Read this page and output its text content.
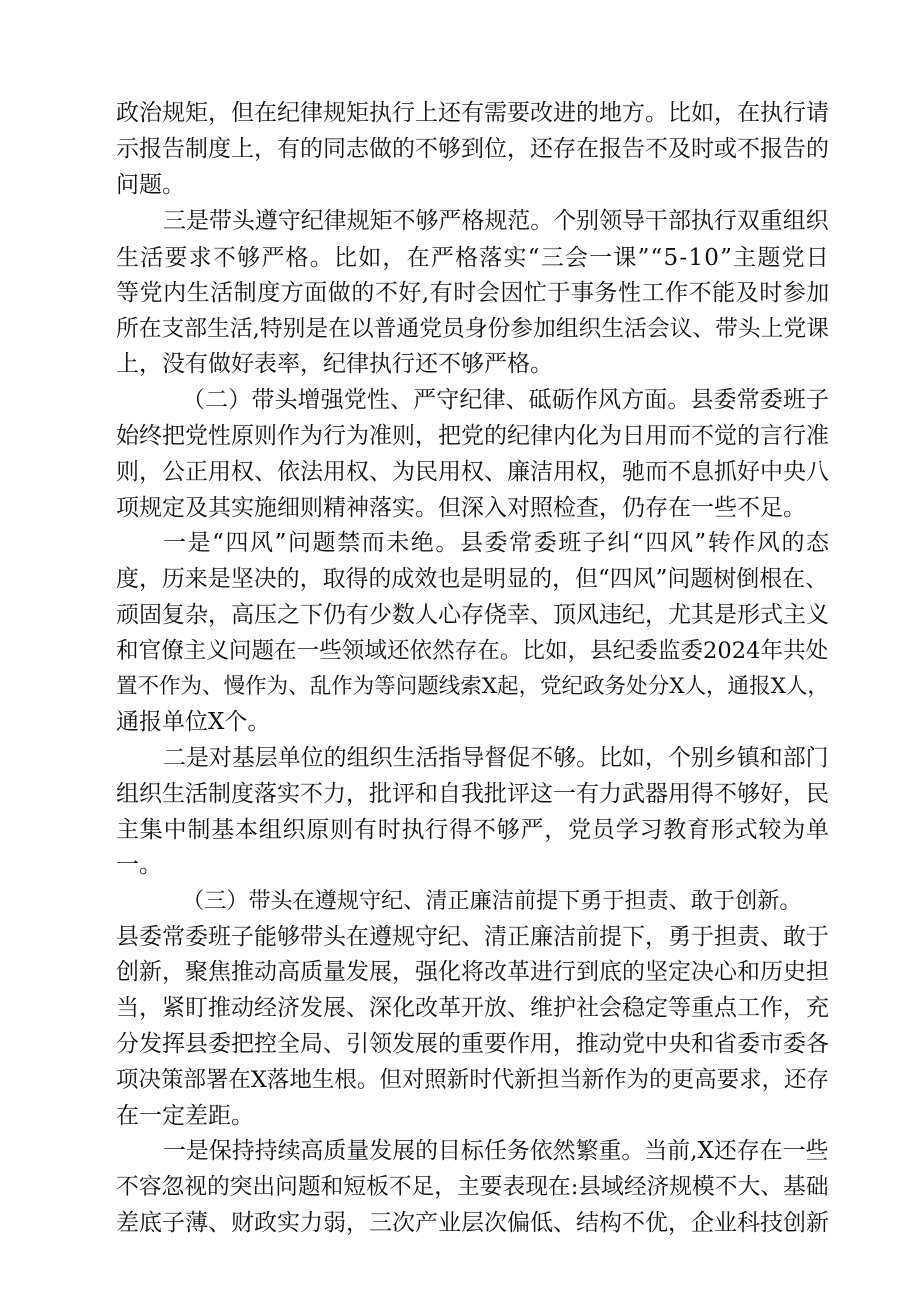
政治规矩，但在纪律规矩执行上还有需要改进的地方。比如，在执行请
示报告制度上，有的同志做的不够到位，还存在报告不及时或不报告的
问题。
三是带头遵守纪律规矩不够严格规范。个别领导干部执行双重组织
生活要求不够严格。比如，在严格落实“三会一课”“5-10”主题党日
等党内生活制度方面做的不好,有时会因忙于事务性工作不能及时参加
所在支部生活,特别是在以普通党员身份参加组织生活会议、带头上党课
上，没有做好表率，纪律执行还不够严格。
（二）带头增强党性、严守纪律、砥砺作风方面。县委常委班子
始终把党性原则作为行为准则，把党的纪律内化为日用而不觉的言行准
则，公正用权、依法用权、为民用权、廉洁用权，驰而不息抓好中央八
项规定及其实施细则精神落实。但深入对照检查，仍存在一些不足。
一是“四风”问题禁而未绝。县委常委班子纠“四风”转作风的态
度，历来是坚决的，取得的成效也是明显的，但“四风”问题树倒根在、
顽固复杂，高压之下仍有少数人心存侥幸、顶风违纪，尤其是形式主义
和官僚主义问题在一些领域还依然存在。比如，县纪委监委2024年共处
置不作为、慢作为、乱作为等问题线索X起，党纪政务处分X人，通报X人，
通报单位X个。
二是对基层单位的组织生活指导督促不够。比如，个别乡镇和部门
组织生活制度落实不力，批评和自我批评这一有力武器用得不够好，民
主集中制基本组织原则有时执行得不够严，党员学习教育形式较为单
一。
（三）带头在遵规守纪、清正廉洁前提下勇于担责、敢于创新。
县委常委班子能够带头在遵规守纪、清正廉洁前提下，勇于担责、敢于
创新，聚焦推动高质量发展，强化将改革进行到底的坚定决心和历史担
当，紧盯推动经济发展、深化改革开放、维护社会稳定等重点工作，充
分发挥县委把控全局、引领发展的重要作用，推动党中央和省委市委各
项决策部署在X落地生根。但对照新时代新担当新作为的更高要求，还存
在一定差距。
一是保持持续高质量发展的目标任务依然繁重。当前,X还存在一些
不容忽视的突出问题和短板不足，主要表现在:县域经济规模不大、基础
差底子薄、财政实力弱，三次产业层次偏低、结构不优，企业科技创新
